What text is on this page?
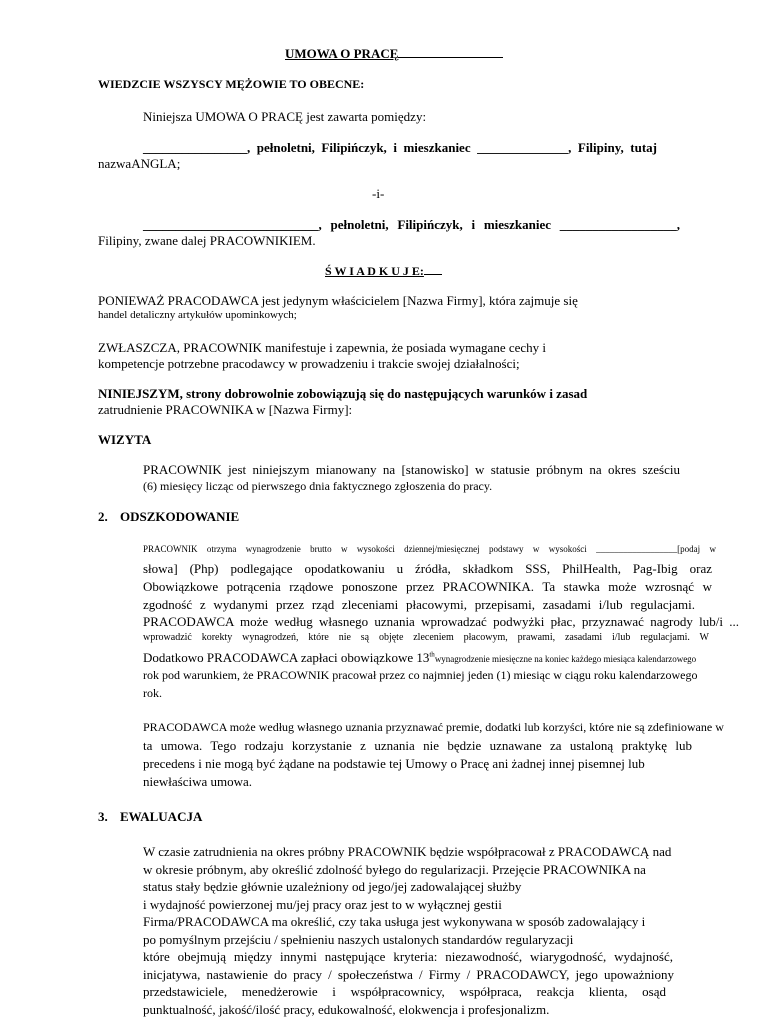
UMOWA O PRACĘ
WIEDZCIE WSZYSCY MĘŻOWIE TO OBECNE:
Niniejsza UMOWA O PRACĘ jest zawarta pomiędzy:
________________, pełnoletni, Filipińczyk, i mieszkaniec ______________, Filipiny, tutaj
nazwaANGLA;
-i-
___________________________, pełnoletni, Filipińczyk, i mieszkaniec __________________,
Filipiny, zwane dalej PRACOWNIKIEM.
Ś W I A D K U J E:
PONIEWAŻ PRACODAWCA jest jedynym właścicielem [Nazwa Firmy], która zajmuje się
handel detaliczny artykułów upominkowych;
ZWŁASZCZA, PRACOWNIK manifestuje i zapewnia, że posiada wymagane cechy i
kompetencje potrzebne pracodawcy w prowadzeniu i trakcie swojej działalności;
NINIEJSZYM, strony dobrowolnie zobowiązują się do następujących warunków i zasad
zatrudnienie PRACOWNIKA w [Nazwa Firmy]:
WIZYTA
PRACOWNIK jest niniejszym mianowany na [stanowisko] w statusie próbnym na okres sześciu
(6) miesięcy licząc od pierwszego dnia faktycznego zgłoszenia do pracy.
2. ODSZKODOWANIE
PRACOWNIK otrzyma wynagrodzenie brutto w wysokości dziennej/miesięcznej podstawy w wysokości __________________[podaj w
słowa] (Php) podlegające opodatkowaniu u źródła, składkom SSS, PhilHealth, Pag-Ibig oraz
Obowiązkowe potrącenia rządowe ponoszone przez PRACOWNIKA. Ta stawka może wzrosnąć w
zgodność z wydanymi przez rząd zleceniami płacowymi, przepisami, zasadami i/lub regulacjami.
PRACODAWCA może według własnego uznania wprowadzać podwyżki płac, przyznawać nagrody lub/i ...
wprowadzić korekty wynagrodzeń, które nie są objęte zleceniem płacowym, prawami, zasadami i/lub regulacjami. W
Dodatkowo PRACODAWCA zapłaci obowiązkowe 13thwynagrodzenie miesięczne na koniec każdego miesiąca kalendarzowego
rok pod warunkiem, że PRACOWNIK pracował przez co najmniej jeden (1) miesiąc w ciągu roku kalendarzowego
rok.
PRACODAWCA może według własnego uznania przyznawać premie, dodatki lub korzyści, które nie są zdefiniowane w
ta umowa. Tego rodzaju korzystanie z uznania nie będzie uznawane za ustaloną praktykę lub
precedens i nie mogą być żądane na podstawie tej Umowy o Pracę ani żadnej innej pisemnej lub
niewłaściwa umowa.
3. EWALUACJA
W czasie zatrudnienia na okres próbny PRACOWNIK będzie współpracował z PRACODAWCĄ nad
w okresie próbnym, aby określić zdolność byłego do regularizacji. Przejęcie PRACOWNIKA na
status stały będzie głównie uzależniony od jego/jej zadowalającej służby
i wydajność powierzonej mu/jej pracy oraz jest to w wyłącznej gestii
Firma/PRACODAWCA ma określić, czy taka usługa jest wykonywana w sposób zadowalający i
po pomyślnym przejściu / spełnieniu naszych ustalonych standardów regularyzacji
które obejmują między innymi następujące kryteria: niezawodność, wiarygodność, wydajność,
inicjatywa, nastawienie do pracy / społeczeństwa / Firmy / PRACODAWCY, jego upoważniony
przedstawiciele, menedżerowie i współpracownicy, współpraca, reakcja klienta, osąd
punktualność, jakość/ilość pracy, edukowalność, elokwencja i profesjonalizm.
